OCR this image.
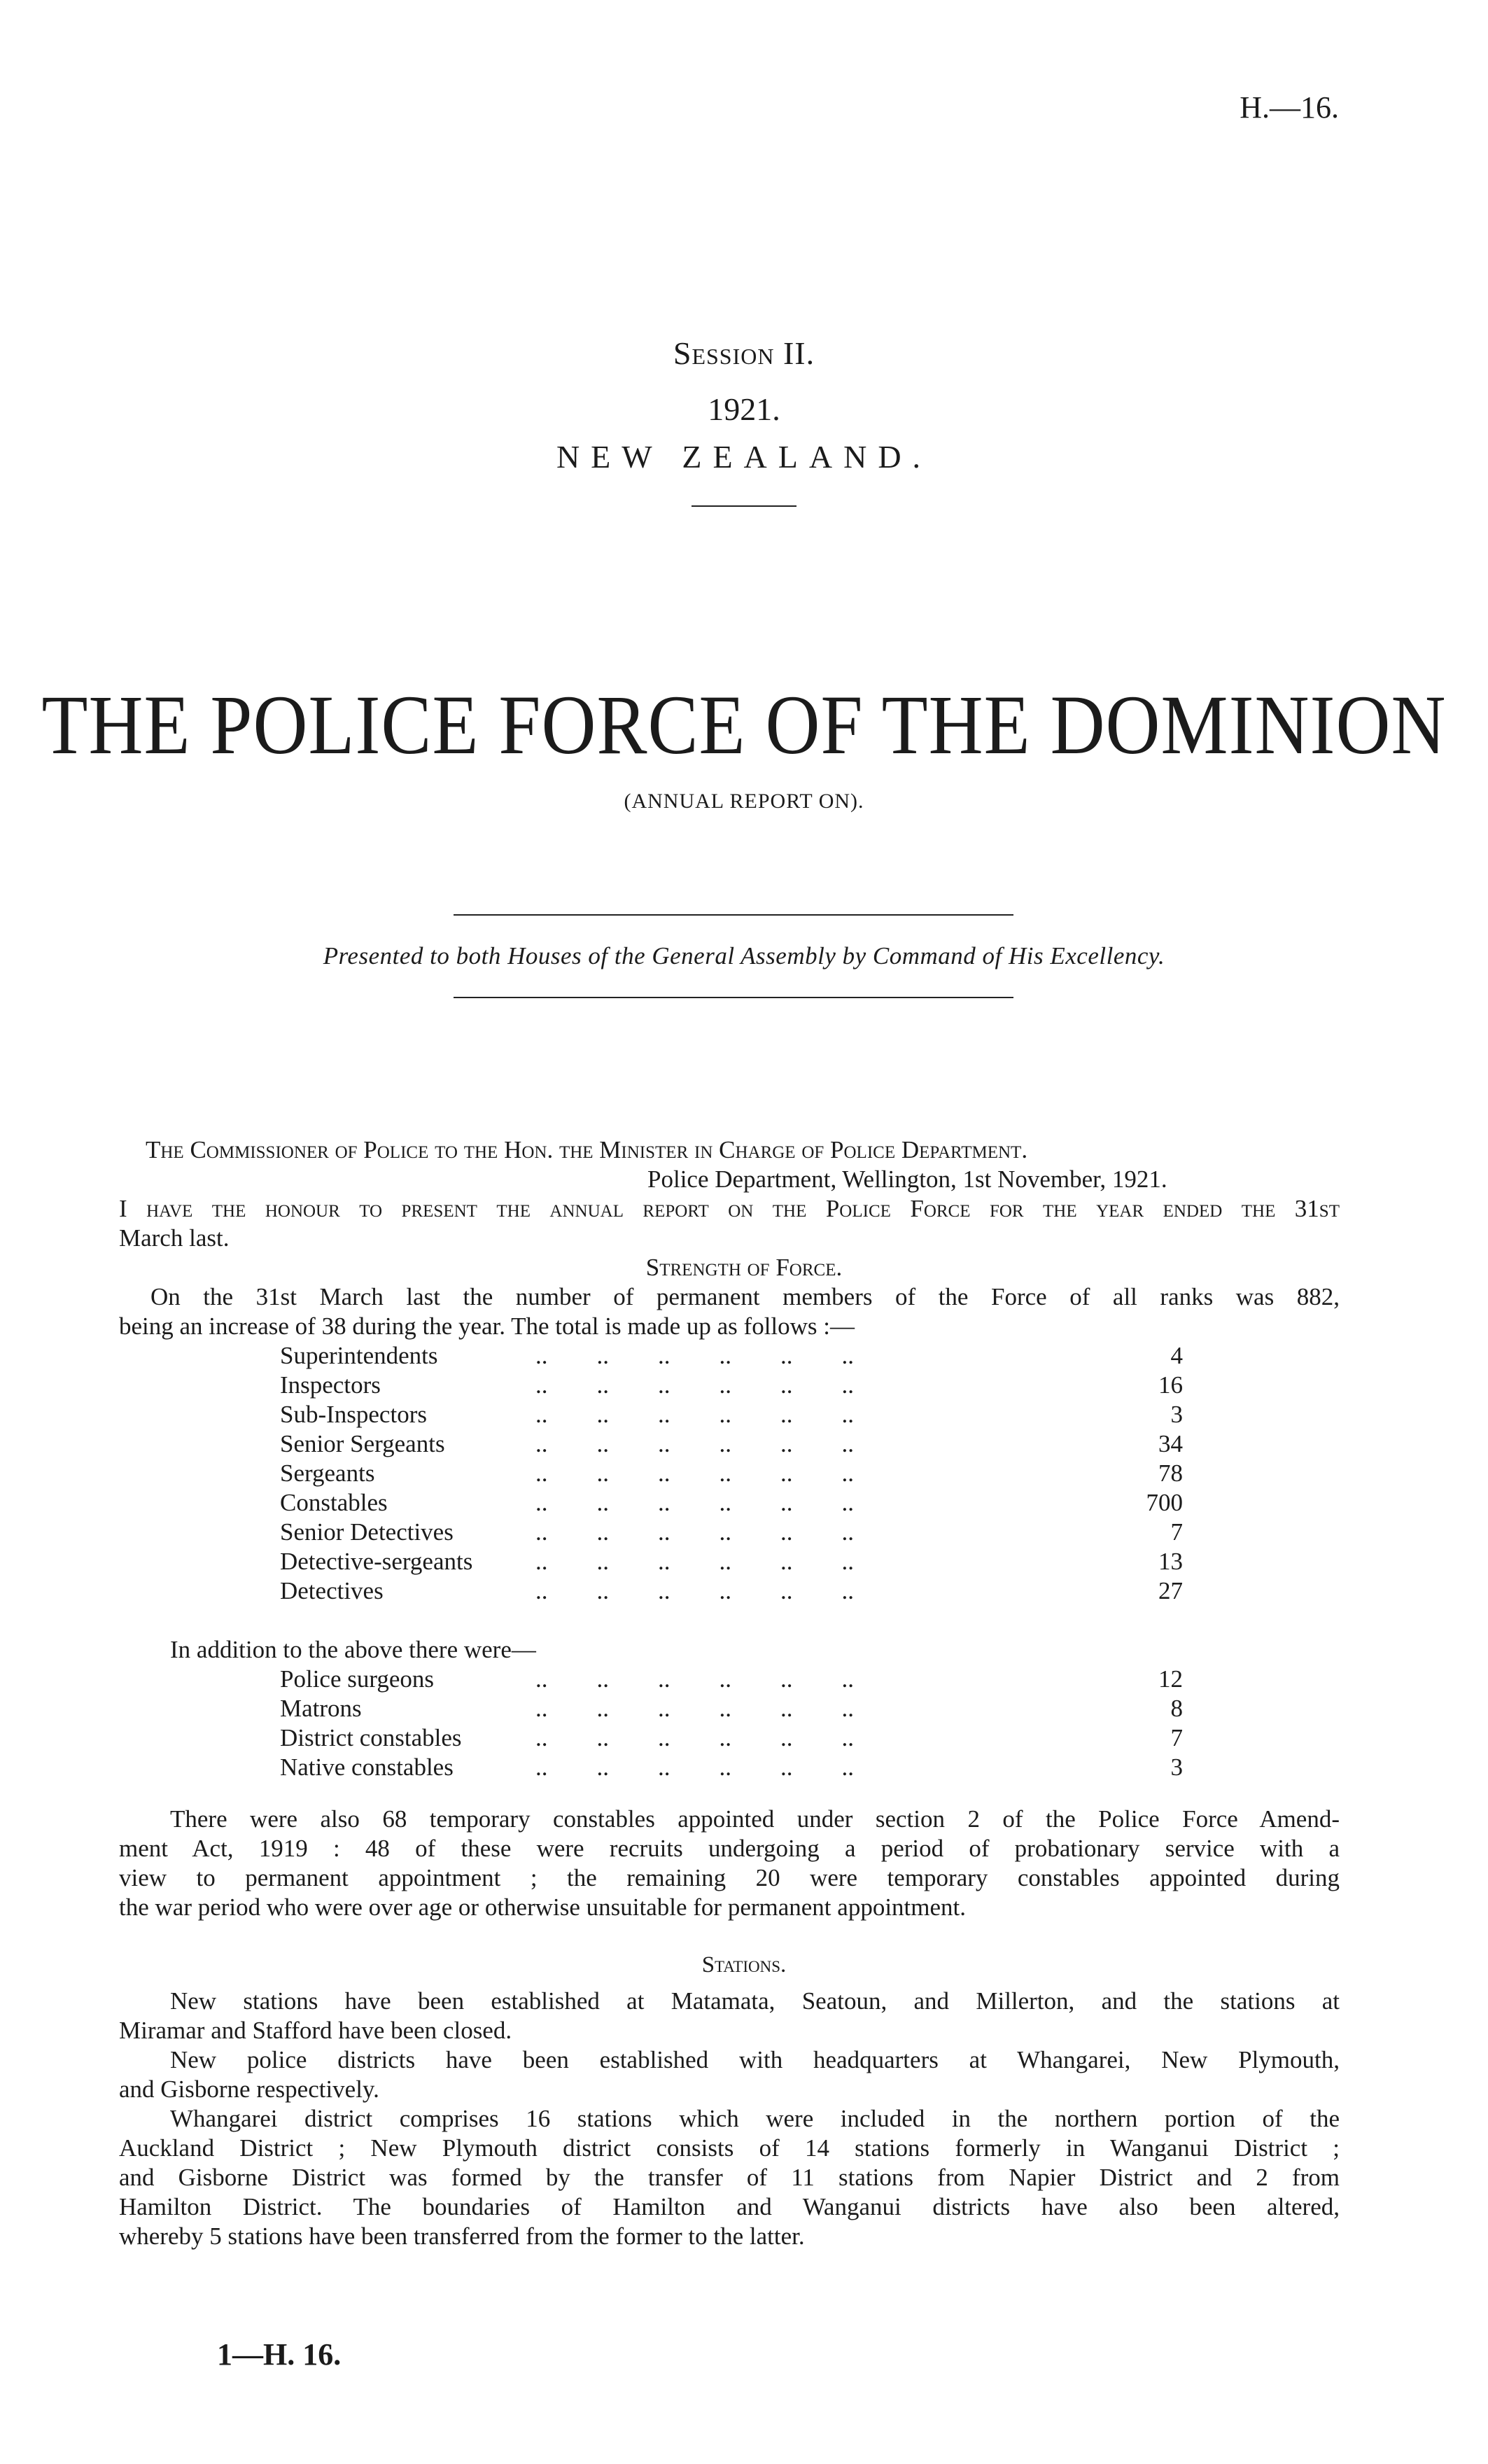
H.—16.
Session II.
1921.
NEW ZEALAND.
THE POLICE FORCE OF THE DOMINION
(ANNUAL REPORT ON).
Presented to both Houses of the General Assembly by Command of His Excellency.
The Commissioner of Police to the Hon. the Minister in Charge of Police Department.
Police Department, Wellington, 1st November, 1921.
I have the honour to present the annual report on the Police Force for the year ended the 31st
March last.
Strength of Force.
On the 31st March last the number of permanent members of the Force of all ranks was 882,
being an increase of 38 during the year. The total is made up as follows :—
Superintendents	..        ..        ..        ..        ..        ..	4
Inspectors	..        ..        ..        ..        ..        ..	16
Sub-Inspectors	..        ..        ..        ..        ..        ..	3
Senior Sergeants	..        ..        ..        ..        ..        ..	34
Sergeants	..        ..        ..        ..        ..        ..	78
Constables	..        ..        ..        ..        ..        ..	700
Senior Detectives	..        ..        ..        ..        ..        ..	7
Detective-sergeants	..        ..        ..        ..        ..        ..	13
Detectives	..        ..        ..        ..        ..        ..	27
In addition to the above there were—
Police surgeons	..        ..        ..        ..        ..        ..	12
Matrons	..        ..        ..        ..        ..        ..	8
District constables	..        ..        ..        ..        ..        ..	7
Native constables	..        ..        ..        ..        ..        ..	3
There were also 68 temporary constables appointed under section 2 of the Police Force Amend-
ment Act, 1919 : 48 of these were recruits undergoing a period of probationary service with a
view to permanent appointment ; the remaining 20 were temporary constables appointed during
the war period who were over age or otherwise unsuitable for permanent appointment.
Stations.
New stations have been established at Matamata, Seatoun, and Millerton, and the stations at
Miramar and Stafford have been closed.
New police districts have been established with headquarters at Whangarei, New Plymouth,
and Gisborne respectively.
Whangarei district comprises 16 stations which were included in the northern portion of the
Auckland District ; New Plymouth district consists of 14 stations formerly in Wanganui District ;
and Gisborne District was formed by the transfer of 11 stations from Napier District and 2 from
Hamilton District. The boundaries of Hamilton and Wanganui districts have also been altered,
whereby 5 stations have been transferred from the former to the latter.
1—H. 16.
